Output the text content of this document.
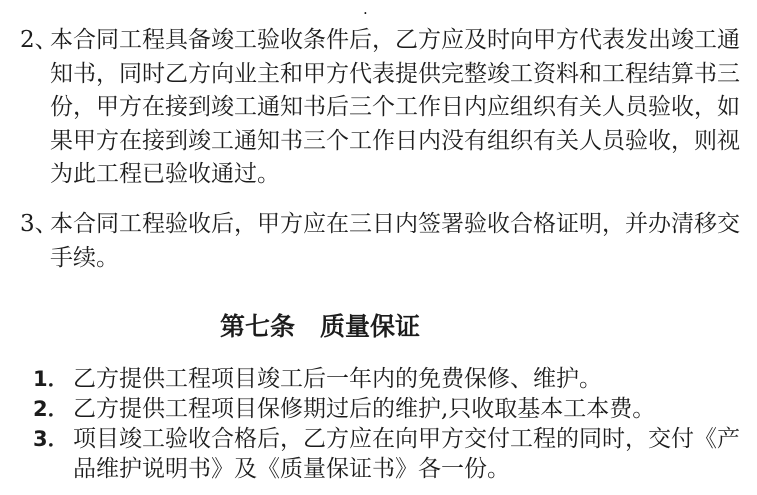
.
2、
本合同工程具备竣工验收条件后，乙方应及时向甲方代表发出竣工通
知书，同时乙方向业主和甲方代表提供完整竣工资料和工程结算书三
份，甲方在接到竣工通知书后三个工作日内应组织有关人员验收，如
果甲方在接到竣工通知书三个工作日内没有组织有关人员验收，则视
为此工程已验收通过。
3、
本合同工程验收后，甲方应在三日内签署验收合格证明，并办清移交
手续。
第七条　质量保证
1． 乙方提供工程项目竣工后一年内的免费保修、维护。
2． 乙方提供工程项目保修期过后的维护,只收取基本工本费。
3． 项目竣工验收合格后，乙方应在向甲方交付工程的同时，交付《产
品维护说明书》及《质量保证书》各一份。
